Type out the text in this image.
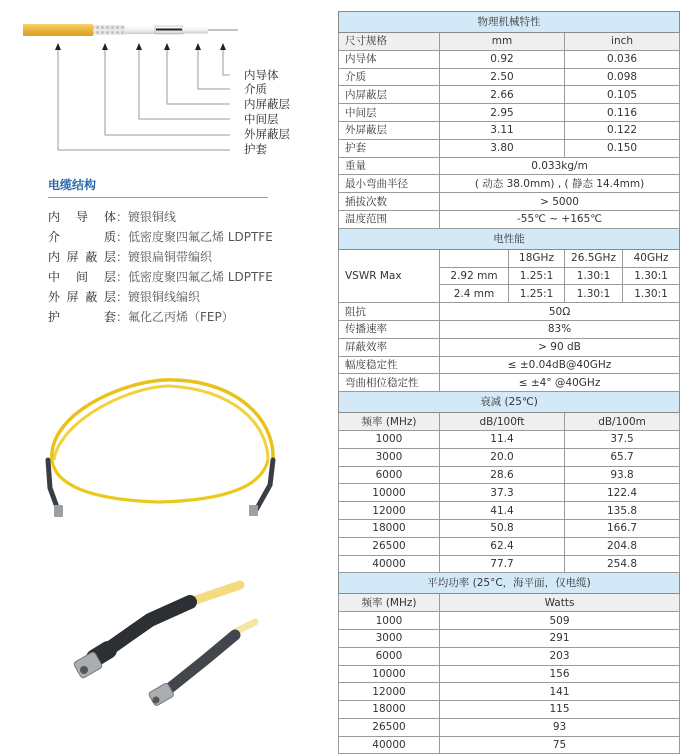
内导体
介质
内屏蔽层
中间层
外屏蔽层
护套
电缆结构
内导体 ： 镀银铜线
介质 ： 低密度聚四氟乙烯 LDPTFE
内屏蔽层 ： 镀银扁铜带编织
中间层 ： 低密度聚四氟乙烯 LDPTFE
外屏蔽层 ： 镀银铜线编织
护套 ： 氟化乙丙烯（FEP）
物理机械特性				
尺寸规格	mm		inch	
内导体	0.92		0.036	
介质	2.50		0.098	
内屏蔽层	2.66		0.105	
中间层	2.95		0.116	
外屏蔽层	3.11		0.122	
护套	3.80		0.150	
重量	0.033kg/m			
最小弯曲半径	( 动态 38.0mm) , ( 静态 14.4mm)			
插拔次数	> 5000			
温度范围	-55℃ ~ +165℃			
电性能				
VSWR Max		18GHz	26.5GHz	40GHz
	2.92 mm	1.25:1	1.30:1	1.30:1
	2.4 mm	1.25:1	1.30:1	1.30:1
阻抗	50Ω			
传播速率	83%			
屏蔽效率	> 90 dB			
幅度稳定性	≤ ±0.04dB@40GHz			
弯曲相位稳定性	≤ ±4° @40GHz			
衰减 (25℃)				
频率 (MHz)	dB/100ft		dB/100m	
1000	11.4		37.5	
3000	20.0		65.7	
6000	28.6		93.8	
10000	37.3		122.4	
12000	41.4		135.8	
18000	50.8		166.7	
26500	62.4		204.8	
40000	77.7		254.8	
平均功率 (25°C，海平面，仅电缆)				
频率 (MHz)	Watts			
1000	509			
3000	291			
6000	203			
10000	156			
12000	141			
18000	115			
26500	93			
40000	75			
